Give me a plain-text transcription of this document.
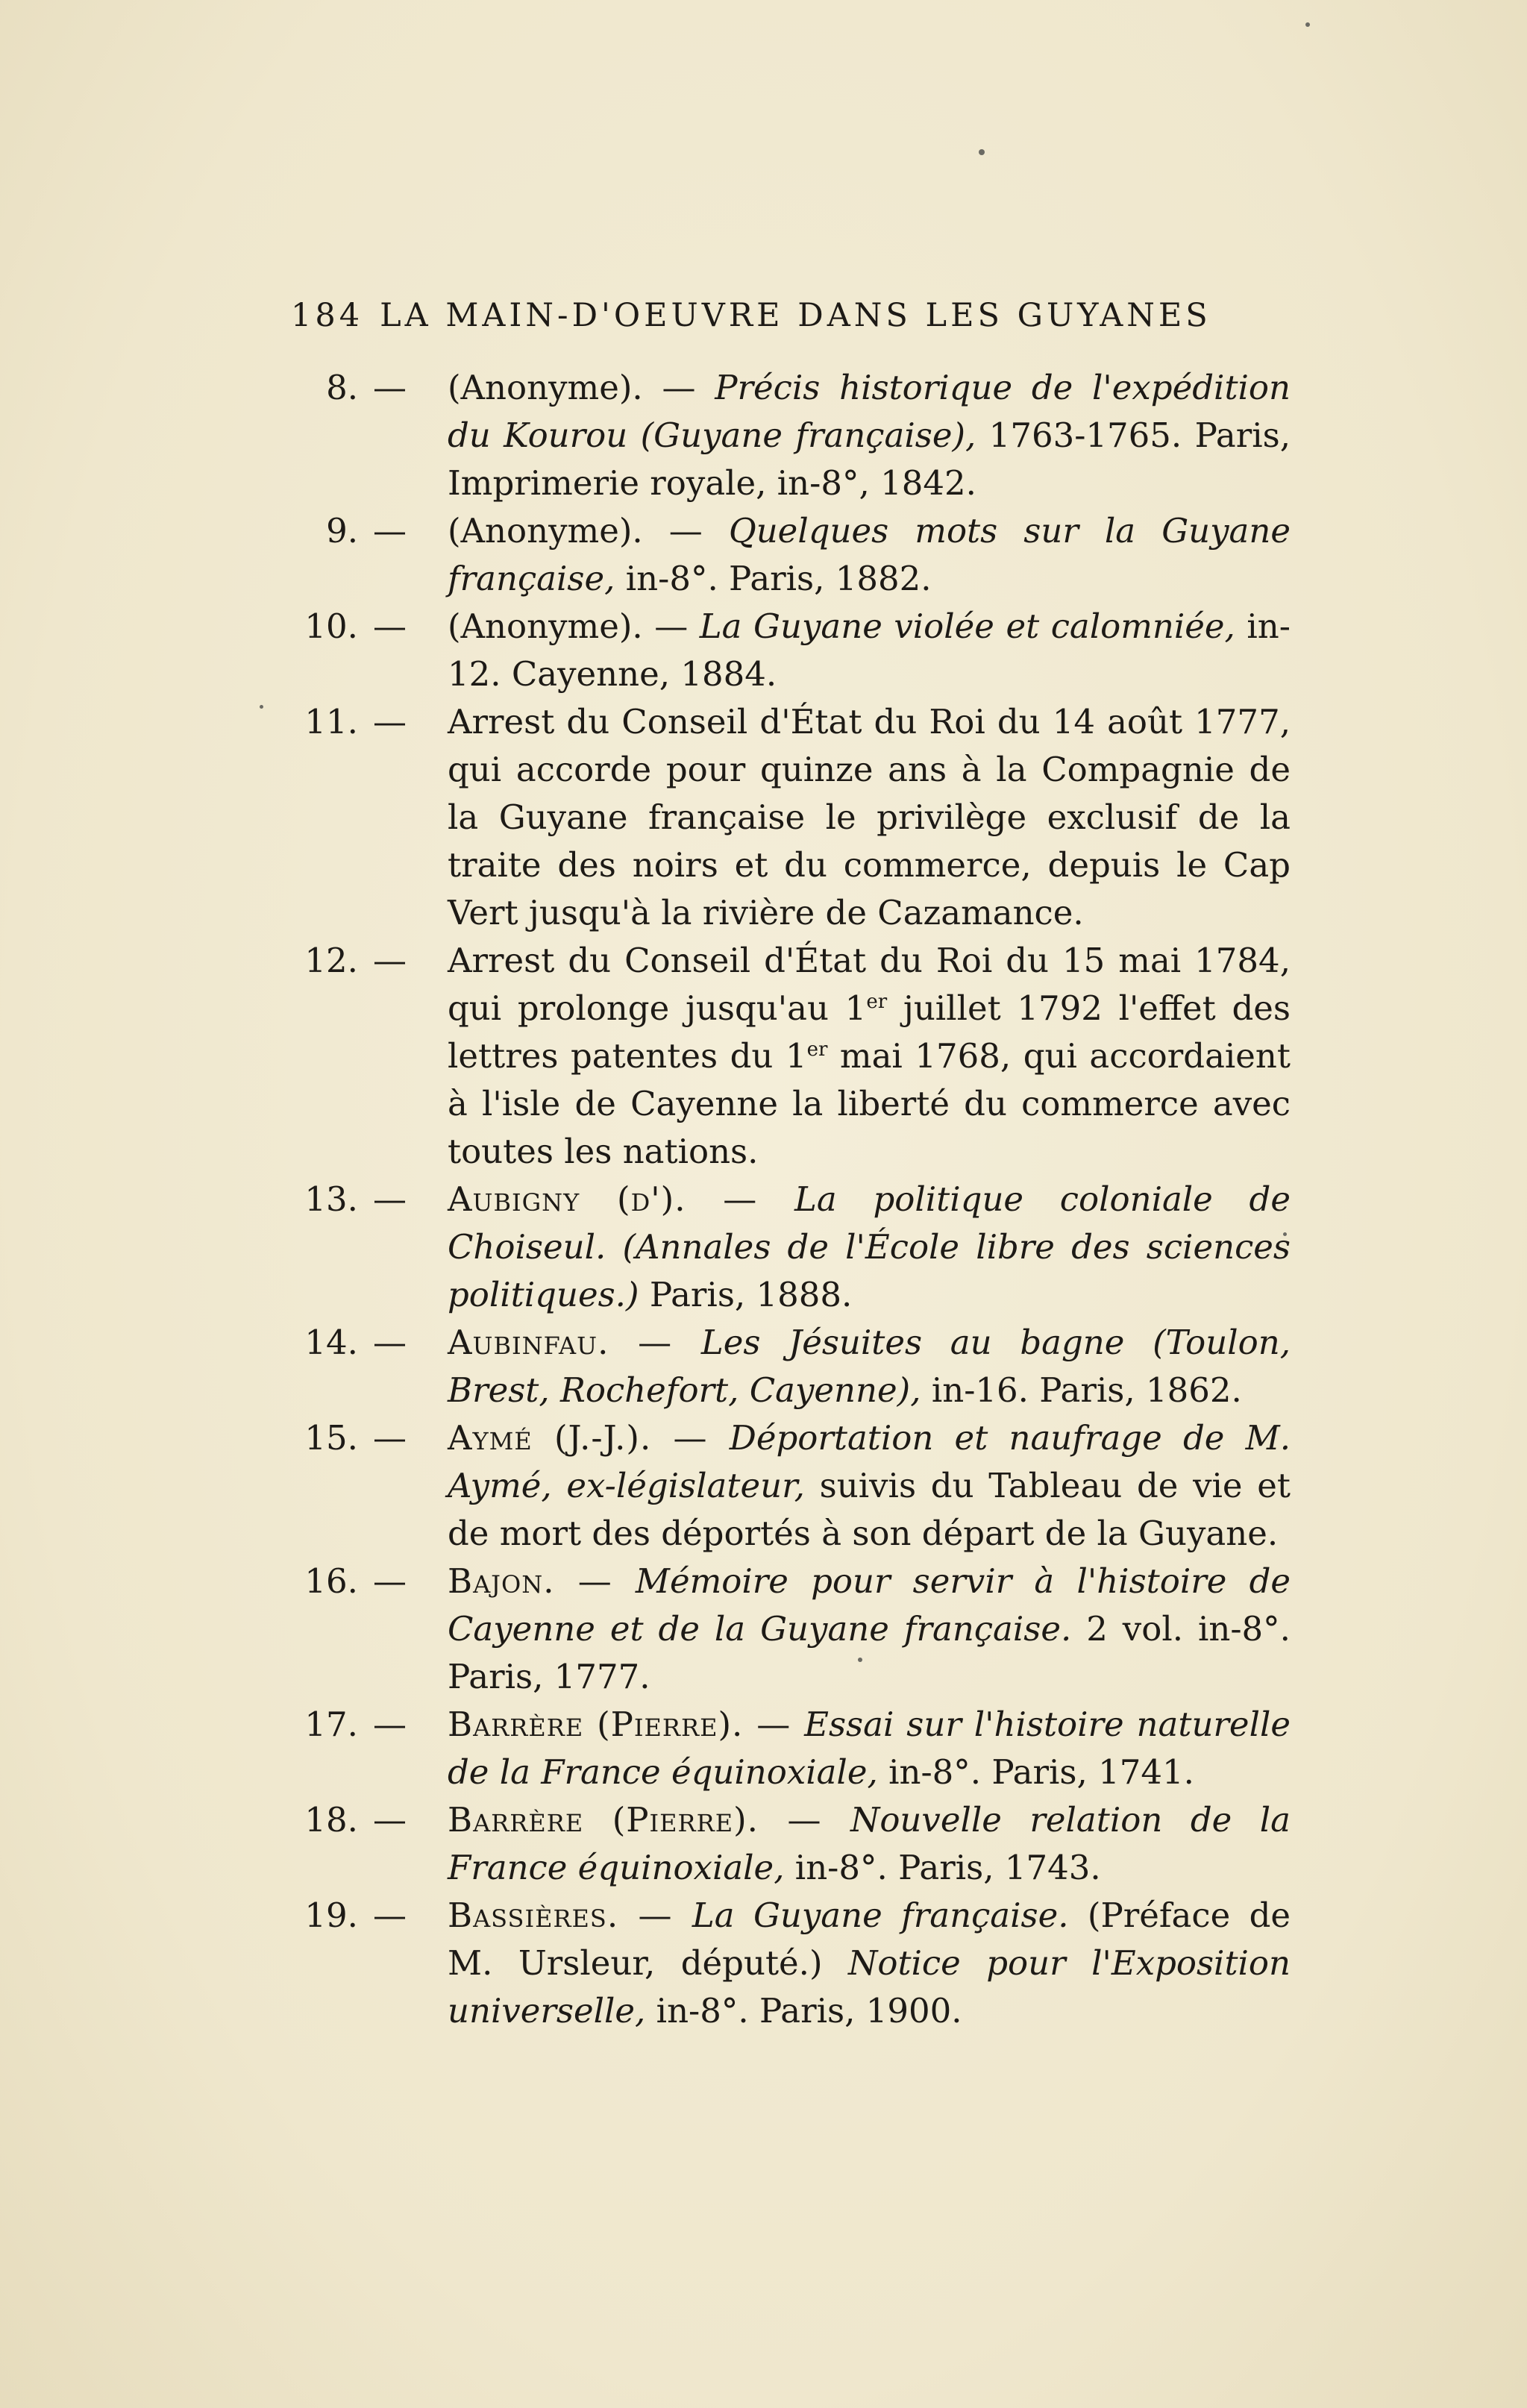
184 LA MAIN-D'OEUVRE DANS LES GUYANES
8. — (Anonyme). — Précis historique de l'expédition du Kourou (Guyane française), 1763-1765. Paris, Imprimerie royale, in-8°, 1842.
9. — (Anonyme). — Quelques mots sur la Guyane française, in-8°. Paris, 1882.
10. — (Anonyme). — La Guyane violée et calomniée, in-12. Cayenne, 1884.
11. — Arrest du Conseil d'État du Roi du 14 août 1777, qui accorde pour quinze ans à la Compagnie de la Guyane française le privilège exclusif de la traite des noirs et du commerce, depuis le Cap Vert jusqu'à la rivière de Cazamance.
12. — Arrest du Conseil d'État du Roi du 15 mai 1784, qui prolonge jusqu'au 1er juillet 1792 l'effet des lettres patentes du 1er mai 1768, qui accordaient à l'isle de Cayenne la liberté du commerce avec toutes les nations.
13. — Aubigny (d'). — La politique coloniale de Choiseul. (Annales de l'École libre des sciences politiques.) Paris, 1888.
14. — Aubinfau. — Les Jésuites au bagne (Toulon, Brest, Rochefort, Cayenne), in-16. Paris, 1862.
15. — Aymé (J.-J.). — Déportation et naufrage de M. Aymé, ex-législateur, suivis du Tableau de vie et de mort des déportés à son départ de la Guyane.
16. — Bajon. — Mémoire pour servir à l'histoire de Cayenne et de la Guyane française. 2 vol. in-8°. Paris, 1777.
17. — Barrère (Pierre). — Essai sur l'histoire naturelle de la France équinoxiale, in-8°. Paris, 1741.
18. — Barrère (Pierre). — Nouvelle relation de la France équinoxiale, in-8°. Paris, 1743.
19. — Bassières. — La Guyane française. (Préface de M. Ursleur, député.) Notice pour l'Exposition universelle, in-8°. Paris, 1900.
